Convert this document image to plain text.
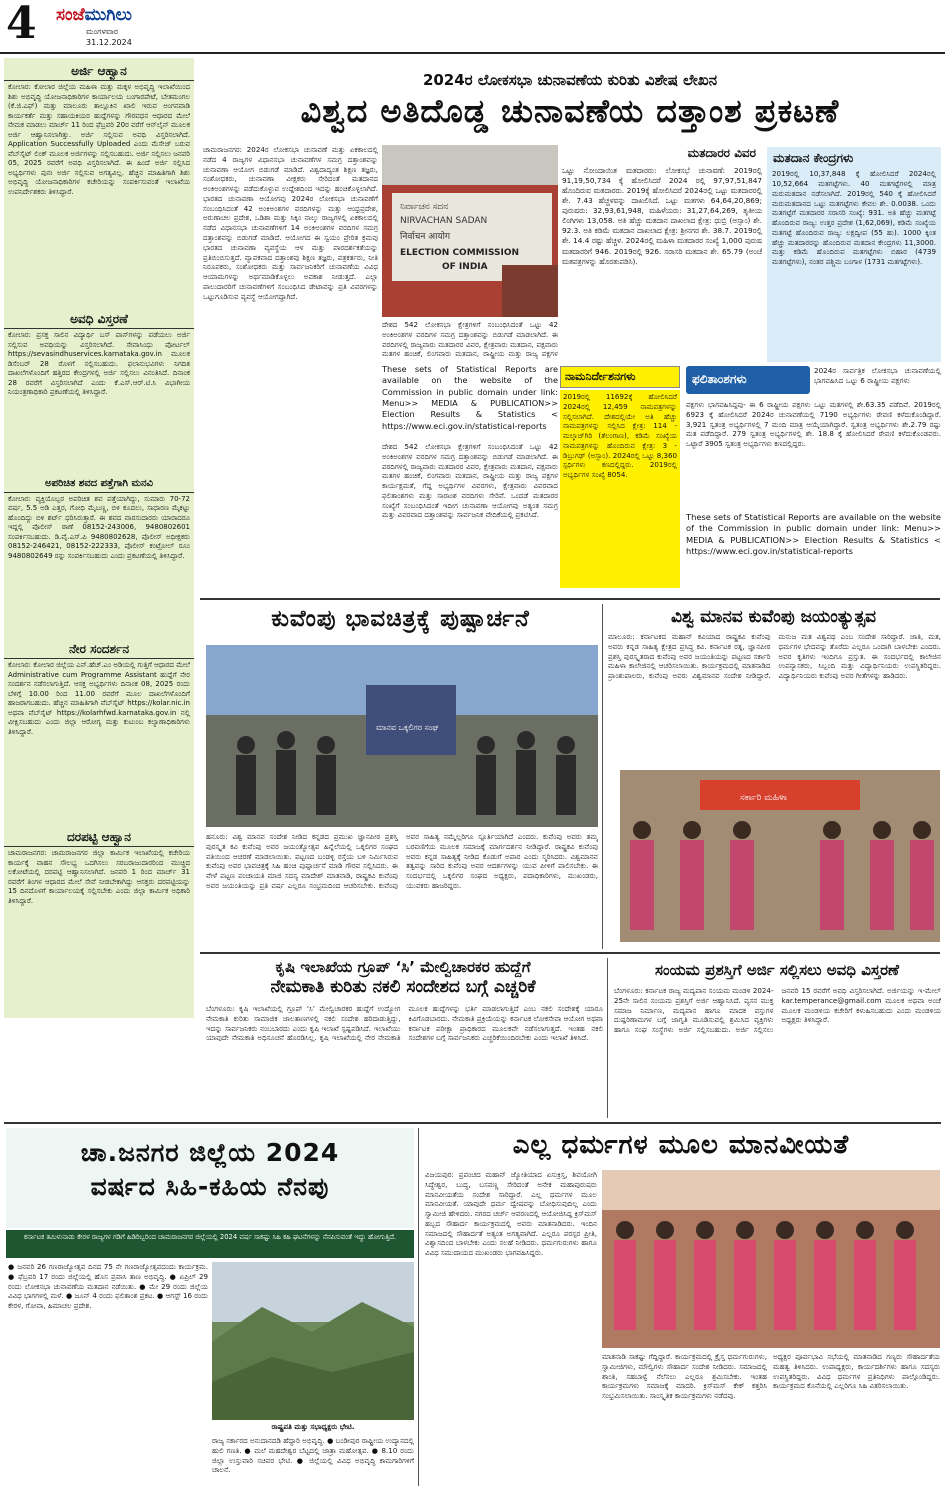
4 ಸಂಜೆಮುಗಿಲು
ಮಂಗಳವಾರ
31.12.2024
ಅರ್ಜಿ ಆಹ್ವಾನ
ಕೋಲಾರ: ಕೋಲಾರ ಜಿಲ್ಲೆಯ ಮಹಿಳಾ ಮತ್ತು ಮಕ್ಕಳ ಅಭಿವೃದ್ಧಿ ಇಲಾಖೆಯಿಂದ ಶಿಶು ಅಭಿವೃದ್ಧಿ ಯೋಜನಾಧಿಕಾರಿಗಳ ಕಾರ್ಯಾಲಯ ಬಂಗಾರಪೇಟೆ, ಬೇತಮಂಗಲ (ಕೆ.ಜಿ.ಎಫ್) ಮತ್ತು ಮಾಲೂರು ತಾಲ್ಲೂಕಿನ ಖಾಲಿ ಇರುವ ಅಂಗನವಾಡಿ ಕಾರ್ಯಕರ್ತೆ ಮತ್ತು ಸಹಾಯಕಿಯರ ಹುದ್ದೆಗಳನ್ನು ಗೌರವಧನ ಆಧಾರದ ಮೇಲೆ ನೇಮಕ ಮಾಡಲು ಮಾರ್ಚ್ 11 ರಿಂದ ಫೆಬ್ರವರಿ 20ರ ವರೆಗೆ ಆನ್‌ಲೈನ್ ಮೂಲಕ ಅರ್ಜಿ ಆಹ್ವಾನಿಸಲಾಗಿತ್ತು. ಅರ್ಜಿ ಸಲ್ಲಿಸುವ ಅವಧಿ ವಿಸ್ತರಿಸಲಾಗಿದೆ. Application Successfully Uploaded ಎಂದು ಮೆಸೇಜ್ ಬರುವ ವೆಬ್‌ಸೈಟ್ ಲಿಂಕ್ ಮೂಲಕ ಅರ್ಜಿಗಳನ್ನು ಸಲ್ಲಿಸಬಹುದು. ಅರ್ಜಿ ಸಲ್ಲಿಸಲು ಜನವರಿ 05, 2025 ರವರೆಗೆ ಅವಧಿ ವಿಸ್ತರಿಸಲಾಗಿದೆ. ಈ ಹಿಂದೆ ಅರ್ಜಿ ಸಲ್ಲಿಸಿದ ಅಭ್ಯರ್ಥಿಗಳು ಪುನಃ ಅರ್ಜಿ ಸಲ್ಲಿಸುವ ಅಗತ್ಯವಿಲ್ಲ. ಹೆಚ್ಚಿನ ಮಾಹಿತಿಗಾಗಿ ಶಿಶು ಅಭಿವೃದ್ಧಿ ಯೋಜನಾಧಿಕಾರಿಗಳ ಕಚೇರಿಯನ್ನು ಸಂಪರ್ಕಿಸುವಂತೆ ಇಲಾಖೆಯ ಉಪನಿರ್ದೇಶಕರು ತಿಳಿಸಿದ್ದಾರೆ.
ಅವಧಿ ವಿಸ್ತರಣೆ
ಕೋಲಾರ: ಪ್ರಸಕ್ತ ಸಾಲಿನ ವಿದ್ಯಾರ್ಥಿ ಬಸ್ ಪಾಸ್‌ಗಳನ್ನು ಪಡೆಯಲು ಅರ್ಜಿ ಸಲ್ಲಿಸುವ ಅವಧಿಯನ್ನು ವಿಸ್ತರಿಸಲಾಗಿದೆ. ಸೇವಾಸಿಂಧು ಪೋರ್ಟಲ್ https://sevasindhuservices.karnataka.gov.in ಮೂಲಕ ಡಿಸೆಂಬರ್ 28 ರೊಳಗೆ ಸಲ್ಲಿಸಬಹುದು. ಫಲಾನುಭವಿಗಳು ನಿಗದಿತ ದಾಖಲೆಗಳೊಂದಿಗೆ ಹತ್ತಿರದ ಕೇಂದ್ರಗಳಲ್ಲಿ ಅರ್ಜಿ ಸಲ್ಲಿಸಲು ವಿನಂತಿಸಿದೆ. ದಿನಾಂಕ 28 ರವರೆಗೆ ವಿಸ್ತರಿಸಲಾಗಿದೆ ಎಂದು ಕೆ.ಎಸ್.ಆರ್.ಟಿ.ಸಿ ವಿಭಾಗೀಯ ನಿಯಂತ್ರಣಾಧಿಕಾರಿ ಪ್ರಕಟಣೆಯಲ್ಲಿ ತಿಳಿಸಿದ್ದಾರೆ.
ಅಪರಿಚಿತ ಶವದ ಪತ್ತೆಗಾಗಿ ಮನವಿ
ಕೋಲಾರ: ವ್ಯಕ್ತಿಯೊಬ್ಬರ ಅಪರಿಚಿತ ಶವ ಪತ್ತೆಯಾಗಿದ್ದು, ಸುಮಾರು 70-72 ವರ್ಷ, 5.5 ಅಡಿ ಎತ್ತರ, ಗೋಧಿ ಮೈಬಣ್ಣ, ಬಿಳಿ ಕೂದಲು, ಸಾಧಾರಣ ಮೈಕಟ್ಟು ಹೊಂದಿದ್ದು ಬಿಳಿ ಶರ್ಟ್ ಧರಿಸಿರುತ್ತಾರೆ. ಈ ಶವದ ವಾರಸುದಾರರು ಯಾರಾದರೂ ಇದ್ದಲ್ಲಿ ಪೊಲೀಸ್ ಠಾಣೆ 08152-243006, 9480802601 ಸಂಪರ್ಕಿಸಬಹುದು. ಡಿ.ವೈ.ಎಸ್.ಪಿ 9480802628, ಪೊಲೀಸ್ ಅಧೀಕ್ಷಕರು 08152-246421, 08152-222333, ಪೊಲೀಸ್ ಕಂಟ್ರೋಲ್ ರೂಂ 9480802649 ರನ್ನು ಸಂಪರ್ಕಿಸಬಹುದು ಎಂದು ಪ್ರಕಟಣೆಯಲ್ಲಿ ತಿಳಿಸಿದ್ದಾರೆ.
ನೇರ ಸಂದರ್ಶನ
ಕೋಲಾರ: ಕೋಲಾರ ಜಿಲ್ಲೆಯ ಎನ್.ಹೆಚ್.ಎಂ ಅಡಿಯಲ್ಲಿ ಗುತ್ತಿಗೆ ಆಧಾರದ ಮೇಲೆ Administrative cum Programme Assistant ಹುದ್ದೆಗೆ ನೇರ ಸಂದರ್ಶನ ನಡೆಸಲಾಗುತ್ತಿದೆ. ಆಸಕ್ತ ಅಭ್ಯರ್ಥಿಗಳು ದಿನಾಂಕ 08, 2025 ರಂದು ಬೆಳಿಗ್ಗೆ 10.00 ರಿಂದ 11.00 ರವರೆಗೆ ಮೂಲ ದಾಖಲೆಗಳೊಂದಿಗೆ ಹಾಜರಾಗಬಹುದು. ಹೆಚ್ಚಿನ ಮಾಹಿತಿಗಾಗಿ ವೆಬ್‌ಸೈಟ್ https://kolar.nic.in ಅಥವಾ ವೆಬ್‌ಸೈಟ್ https://kolarhfwd.karnataka.gov.in ನಲ್ಲಿ ವೀಕ್ಷಿಸಬಹುದು ಎಂದು ಜಿಲ್ಲಾ ಆರೋಗ್ಯ ಮತ್ತು ಕುಟುಂಬ ಕಲ್ಯಾಣಾಧಿಕಾರಿಗಳು ತಿಳಿಸಿದ್ದಾರೆ.
ದರಪಟ್ಟಿ ಆಹ್ವಾನ
ಚಾಮರಾಜನಗರ: ಚಾಮರಾಜನಗರ ಜಿಲ್ಲಾ ಕಾರ್ಮಿಕ ಇಲಾಖೆಯಲ್ಲಿ ಕಚೇರಿಯ ಕಾರ್ಯಕ್ಕೆ ವಾಹನ ಸೌಲಭ್ಯ ಒದಗಿಸಲು ಸರಬರಾಜುದಾರರಿಂದ ಮುಚ್ಚಿದ ಲಕೋಟೆಯಲ್ಲಿ ದರಪಟ್ಟಿ ಆಹ್ವಾನಿಸಲಾಗಿದೆ. ಜನವರಿ 1 ರಿಂದ ಮಾರ್ಚ್ 31 ರವರೆಗೆ ತಿಂಗಳ ಆಧಾರದ ಮೇಲೆ ಸೇವೆ ನೀಡಬೇಕಾಗಿದ್ದು ಆಸಕ್ತರು ದರಪಟ್ಟಿಯನ್ನು 15 ದಿನದೊಳಗೆ ಕಾರ್ಯಾಲಯಕ್ಕೆ ಸಲ್ಲಿಸಬೇಕು ಎಂದು ಜಿಲ್ಲಾ ಕಾರ್ಮಿಕ ಅಧಿಕಾರಿ ತಿಳಿಸಿದ್ದಾರೆ.
2024ರ ಲೋಕಸಭಾ ಚುನಾವಣೆಯ ಕುರಿತು ವಿಶೇಷ ಲೇಖನ
ವಿಶ್ವದ ಅತಿದೊಡ್ಡ ಚುನಾವಣೆಯ ದತ್ತಾಂಶ ಪ್ರಕಟಣೆ
ಚಾಮರಾಜನಗರ: 2024ರ ಲೋಕಸಭಾ ಚುನಾವಣೆ ಮತ್ತು ಏಕಕಾಲದಲ್ಲಿ ನಡೆದ 4 ರಾಜ್ಯಗಳ ವಿಧಾನಸಭಾ ಚುನಾವಣೆಗಳ ಸಮಗ್ರ ದತ್ತಾಂಶವನ್ನು ಚುನಾವಣಾ ಆಯೋಗ ಬಿಡುಗಡೆ ಮಾಡಿದೆ. ವಿಶ್ವದಾದ್ಯಂತ ಶಿಕ್ಷಣ ತಜ್ಞರು, ಸಂಶೋಧಕರು, ಚುನಾವಣಾ ವೀಕ್ಷಕರು ಸೇರಿದಂತೆ ಮತದಾನದ ಅಂಕಿಅಂಶಗಳನ್ನು ಪಡೆದುಕೊಳ್ಳುವ ಉದ್ದೇಶದಿಂದ ಇದನ್ನು ಹಂಚಿಕೊಳ್ಳಲಾಗಿದೆ. ಭಾರತದ ಚುನಾವಣಾ ಆಯೋಗವು 2024ರ ಲೋಕಸಭಾ ಚುನಾವಣೆಗೆ ಸಂಬಂಧಿಸಿದಂತೆ 42 ಅಂಕಿಅಂಶಗಳ ವರದಿಗಳನ್ನು ಮತ್ತು ಆಂಧ್ರಪ್ರದೇಶ, ಅರುಣಾಚಲ ಪ್ರದೇಶ, ಒಡಿಶಾ ಮತ್ತು ಸಿಕ್ಕಿಂ ನಾಲ್ಕು ರಾಜ್ಯಗಳಲ್ಲಿ ಏಕಕಾಲದಲ್ಲಿ ನಡೆದ ವಿಧಾನಸಭಾ ಚುನಾವಣೆಗಳಿಗೆ 14 ಅಂಕಿಅಂಶಗಳ ವರದಿಗಳ ಸಮಗ್ರ ದತ್ತಾಂಶವನ್ನು ಬಿಡುಗಡೆ ಮಾಡಿದೆ. ಆಯೋಗದ ಈ ಸ್ವಯಂ ಪ್ರೇರಿತ ಕ್ರಮವು ಭಾರತದ ಚುನಾವಣಾ ವ್ಯವಸ್ಥೆಯ ಆಳ ಮತ್ತು ಪಾರದರ್ಶಕತೆಯನ್ನು ಪ್ರತಿಬಿಂಬಿಸುತ್ತದೆ. ವ್ಯಾಪಕವಾದ ದತ್ತಾಂಶವು ಶಿಕ್ಷಣ ತಜ್ಞರು, ಪತ್ರಕರ್ತರು, ನೀತಿ ನಿರೂಪಕರು, ಸಂಶೋಧಕರು ಮತ್ತು ಸಾರ್ವಜನಿಕರಿಗೆ ಚುನಾವಣೆಯ ವಿವಿಧ ಆಯಾಮಗಳನ್ನು ಅರ್ಥಮಾಡಿಕೊಳ್ಳಲು ಅವಕಾಶ ನೀಡುತ್ತದೆ. ಎಲ್ಲಾ ಪಾಲುದಾರರಿಗೆ ಚುನಾವಣೆಗಳಿಗೆ ಸಂಬಂಧಿಸಿದ ಡೇಟಾವನ್ನು ಪ್ರತಿ ವಿವರಗಳನ್ನು ಒಟ್ಟುಗೂಡಿಸುವ ವ್ಯವಸ್ಥೆ ಆಯೋಗದ್ದಾಗಿದೆ.
ನಿರ್ವಾಚನ ಸದನ
NIRVACHAN SADAN
निर्वाचन आयोग
ELECTION COMMISSION
OF INDIA
ದೇಶದ 542 ಲೋಕಸಭಾ ಕ್ಷೇತ್ರಗಳಿಗೆ ಸಂಬಂಧಿಸಿದಂತೆ ಒಟ್ಟು 42 ಅಂಕಿಅಂಶಗಳ ವರದಿಗಳ ಸಮಗ್ರ ದತ್ತಾಂಶವನ್ನು ಬಿಡುಗಡೆ ಮಾಡಲಾಗಿದೆ. ಈ ವರದಿಗಳಲ್ಲಿ ರಾಜ್ಯವಾರು ಮತದಾರರ ವಿವರ, ಕ್ಷೇತ್ರವಾರು ಮತದಾನ, ಪಕ್ಷವಾರು ಮತಗಳ ಹಂಚಿಕೆ, ಲಿಂಗವಾರು ಮತದಾನ, ರಾಷ್ಟ್ರೀಯ ಮತ್ತು ರಾಜ್ಯ ಪಕ್ಷಗಳ
These sets of Statistical Reports are available on the website of the Commission in public domain under link: Menu>> MEDIA & PUBLICATION>> Election Results & Statistics < https://www.eci.gov.in/statistical-reports
ದೇಶದ 542 ಲೋಕಸಭಾ ಕ್ಷೇತ್ರಗಳಿಗೆ ಸಂಬಂಧಿಸಿದಂತೆ ಒಟ್ಟು 42 ಅಂಕಿಅಂಶಗಳ ವರದಿಗಳ ಸಮಗ್ರ ದತ್ತಾಂಶವನ್ನು ಬಿಡುಗಡೆ ಮಾಡಲಾಗಿದೆ. ಈ ವರದಿಗಳಲ್ಲಿ ರಾಜ್ಯವಾರು ಮತದಾರರ ವಿವರ, ಕ್ಷೇತ್ರವಾರು ಮತದಾನ, ಪಕ್ಷವಾರು ಮತಗಳ ಹಂಚಿಕೆ, ಲಿಂಗವಾರು ಮತದಾನ, ರಾಷ್ಟ್ರೀಯ ಮತ್ತು ರಾಜ್ಯ ಪಕ್ಷಗಳ ಕಾರ್ಯಕ್ಷಮತೆ, ಗೆದ್ದ ಅಭ್ಯರ್ಥಿಗಳ ವಿವರಗಳು, ಕ್ಷೇತ್ರವಾರು ವಿವರವಾದ ಫಲಿತಾಂಶಗಳು ಮತ್ತು ಸಾರಾಂಶ ವರದಿಗಳು ಸೇರಿವೆ. ಒಂದಡೆ ಮತದಾರರ ಸಂಖ್ಯೆಗೆ ಸಂಬಂಧಿಸಿದಂತೆ ಇದೀಗ ಚುನಾವಣಾ ಆಯೋಗವು ಅತ್ಯಂತ ಸಮಗ್ರ ಮತ್ತು ವಿವರವಾದ ದತ್ತಾಂಶವನ್ನು ಸಾರ್ವಜನಿಕ ವೇದಿಕೆಯಲ್ಲಿ ಪ್ರಕಟಿಸಿದೆ.
ಮತದಾರರ ವಿವರ
ಒಟ್ಟು ನೋಂದಾಯಿತ ಮತದಾರರು: ಲೋಕಸಭೆ ಚುನಾವಣೆ: 2019ರಲ್ಲಿ 91,19,50,734 ಕ್ಕೆ ಹೋಲಿಸಿದರೆ 2024 ರಲ್ಲಿ 97,97,51,847 ಹೊಂದಿರುವ ಮತದಾರರು. 2019ಕ್ಕೆ ಹೋಲಿಸಿದರೆ 2024ರಲ್ಲಿ ಒಟ್ಟು ಮತದಾರರಲ್ಲಿ ಶೇ. 7.43 ಹೆಚ್ಚಳವನ್ನು ದಾಖಲಿಸಿದೆ. ಒಟ್ಟು ಮತಗಳು 64,64,20,869; ಪುರುಷರು: 32,93,61,948, ಮಹಿಳೆಯರು: 31,27,64,269, ತೃತೀಯ ಲಿಂಗಿಗಳು 13,058. ಅತಿ ಹೆಚ್ಚು ಮತದಾನ ದಾಖಲಾದ ಕ್ಷೇತ್ರ: ಧುಬ್ರಿ (ಅಸ್ಸಾಂ) ಶೇ. 92.3. ಅತಿ ಕಡಿಮೆ ಮತದಾನ ದಾಖಲಾದ ಕ್ಷೇತ್ರ: ಶ್ರೀನಗರ ಶೇ. 38.7. 2019ರಲ್ಲಿ ಶೇ. 14.4 ರಷ್ಟು ಹೆಚ್ಚಳ. 2024ರಲ್ಲಿ ಮಹಿಳಾ ಮತದಾರರ ಸಂಖ್ಯೆ 1,000 ಪುರುಷ ಮತದಾರರಿಗೆ 946. 2019ರಲ್ಲಿ 926. ಸರಾಸರಿ ಮತದಾನ ಶೇ. 65.79 (ಅಂಚೆ ಮತಪತ್ರಗಳನ್ನು ಹೊರತುಪಡಿಸಿ).
ಮತದಾನ ಕೇಂದ್ರಗಳು
2019ರಲ್ಲಿ 10,37,848 ಕ್ಕೆ ಹೋಲಿಸಿದರೆ 2024ರಲ್ಲಿ 10,52,664 ಮತಗಟ್ಟೆಗಳು. 40 ಮತಗಟ್ಟೆಗಳಲ್ಲಿ ಮಾತ್ರ ಮರುಮತದಾನ ನಡೆಸಲಾಗಿದೆ. 2019ರಲ್ಲಿ 540 ಕ್ಕೆ ಹೋಲಿಸಿದರೆ ಮರುಮತದಾನದ ಒಟ್ಟು ಮತಗಟ್ಟೆಗಳು ಕೇವಲ ಶೇ. 0.0038. ಒಂದು ಮತಗಟ್ಟೆಗೆ ಮತದಾರರ ಸರಾಸರಿ ಸಂಖ್ಯೆ: 931. ಅತಿ ಹೆಚ್ಚು ಮತಗಟ್ಟೆ ಹೊಂದಿರುವ ರಾಜ್ಯ: ಉತ್ತರ ಪ್ರದೇಶ (1,62,069), ಕಡಿಮೆ ಸಂಖ್ಯೆಯ ಮತಗಟ್ಟೆ ಹೊಂದಿರುವ ರಾಜ್ಯ: ಲಕ್ಷದ್ವೀಪ (55 ಹು). 1000 ಕ್ಕಿಂತ ಹೆಚ್ಚು ಮತದಾರರನ್ನು ಹೊಂದಿರುವ ಮತದಾನ ಕೇಂದ್ರಗಳು 11,3000. ಮತ್ತು ಕಡಿಮೆ ಹೊಂದಿರುವ ಮತಗಟ್ಟೆಗಳು ಬಿಹಾರ (4739 ಮತಗಟ್ಟೆಗಳು), ನಂತರ ಪಶ್ಚಿಮ ಬಂಗಾಳ (1731 ಮತಗಟ್ಟೆಗಳು).
ನಾಮನಿರ್ದೇಶನಗಳು
2019ರಲ್ಲಿ 11692ಕ್ಕೆ ಹೋಲಿಸಿದರೆ 2024ರಲ್ಲಿ 12,459 ನಾಮಪತ್ರಗಳನ್ನು ಸಲ್ಲಿಸಲಾಗಿದೆ. ದೇಶದಲ್ಲಿಯೇ ಅತಿ ಹೆಚ್ಚು ನಾಮಪತ್ರಗಳನ್ನು ಸಲ್ಲಿಸಿದ ಕ್ಷೇತ್ರ: 114 - ಮಲ್ಕಾಜ್‌ಗಿರಿ (ತೆಲಂಗಾಣ), ಕಡಿಮೆ ಸಂಖ್ಯೆಯ ನಾಮಪತ್ರಗಳನ್ನು ಹೊಂದಿರುವ ಕ್ಷೇತ್ರ: 3 - ಡಿಬ್ರುಗಢ್ (ಅಸ್ಸಾಂ). 2024ರಲ್ಲಿ ಒಟ್ಟು 8,360 ಸ್ಪರ್ಧಿಗಳು ಕಣದಲ್ಲಿದ್ದರು. 2019ರಲ್ಲಿ ಅಭ್ಯರ್ಥಿಗಳ ಸಂಖ್ಯೆ 8054.
ಫಲಿತಾಂಶಗಳು
2024ರ ಸಾರ್ವತ್ರಿಕ ಲೋಕಸಭಾ ಚುನಾವಣೆಯಲ್ಲಿ ಭಾಗವಹಿಸಿದ ಒಟ್ಟು 6 ರಾಷ್ಟ್ರೀಯ ಪಕ್ಷಗಳು
ಪಕ್ಷಗಳು ಭಾಗವಹಿಸಿದ್ದವು- ಈ 6 ರಾಷ್ಟ್ರೀಯ ಪಕ್ಷಗಳು ಒಟ್ಟು ಮತಗಳಲ್ಲಿ ಶೇ.63.35 ಪಡೆದಿವೆ. 2019ರಲ್ಲಿ 6923 ಕ್ಕೆ ಹೋಲಿಸಿದರೆ 2024ರ ಚುನಾವಣೆಯಲ್ಲಿ 7190 ಅಭ್ಯರ್ಥಿಗಳು ಠೇವಣಿ ಕಳೆದುಕೊಂಡಿದ್ದಾರೆ. 3,921 ಸ್ವತಂತ್ರ ಅಭ್ಯರ್ಥಿಗಳಲ್ಲಿ 7 ಮಂದಿ ಮಾತ್ರ ಆಯ್ಕೆಯಾಗಿದ್ದಾರೆ. ಸ್ವತಂತ್ರ ಅಭ್ಯರ್ಥಿಗಳು ಶೇ.2.79 ರಷ್ಟು ಮತ ಪಡೆದಿದ್ದಾರೆ. 279 ಸ್ವತಂತ್ರ ಅಭ್ಯರ್ಥಿಗಳಲ್ಲಿ ಶೇ. 18.8 ಕ್ಕೆ ಹೋಲಿಸಿದರೆ ಠೇವಣಿ ಕಳೆದುಕೊಂಡವರು. ಒಟ್ಟಾರೆ 3905 ಸ್ವತಂತ್ರ ಅಭ್ಯರ್ಥಿಗಳು ಕಣದಲ್ಲಿದ್ದರು.
These sets of Statistical Reports are available on the website of the Commission in public domain under link: Menu>> MEDIA & PUBLICATION>> Election Results & Statistics < https://www.eci.gov.in/statistical-reports
ಕುವೆಂಪು ಭಾವಚಿತ್ರಕ್ಕೆ ಪುಷ್ಪಾರ್ಚನೆ
ಮಾನವ ಒಕ್ಕಲಿಗರ ಸಂಘ
ಹನೂರು: ವಿಶ್ವ ಮಾನವ ಸಂದೇಶ ನೀಡಿದ ಕನ್ನಡದ ಪ್ರಮುಖ ಜ್ಞಾನಪೀಠ ಪ್ರಶಸ್ತಿ ಪುರಸ್ಕೃತ ಕವಿ ಕುವೆಂಪು ಅವರ ಜಯಂತ್ಯೋತ್ಸವ ಹಿನ್ನೆಲೆಯಲ್ಲಿ ಒಕ್ಕಲಿಗರ ಸಂಘದ ವತಿಯಿಂದ ಆಚರಣೆ ಮಾಡಲಾಯಿತು. ಪಟ್ಟಣದ ಬಂಡಳ್ಳಿ ರಸ್ತೆಯ ಬಳಿ ನಿರ್ಮಿಸಿರುವ ಕುವೆಂಪು ಅವರ ಭಾವಚಿತ್ರಕ್ಕೆ ಸಿಹಿ ಹಂಚಿ ಪುಷ್ಪಾರ್ಚನೆ ಮಾಡಿ ಗೌರವ ಸಲ್ಲಿಸಿದರು. ಈ ವೇಳೆ ಪಟ್ಟಣ ಪಂಚಾಯತಿ ಮಾಜಿ ಸದಸ್ಯ ಮಾದೇಶ್ ಮಾತನಾಡಿ, ರಾಷ್ಟ್ರಕವಿ ಕುವೆಂಪು ಅವರ ಜಯಂತಿಯನ್ನು ಪ್ರತಿ ವರ್ಷ ಎಲ್ಲರೂ ಸಂಭ್ರಮದಿಂದ ಆಚರಿಸಬೇಕು. ಕುವೆಂಪು ಅವರ ಸಾಹಿತ್ಯ ನಮ್ಮೆಲ್ಲರಿಗೂ ಸ್ಪೂರ್ತಿಯಾಗಿದೆ ಎಂದರು. ಕುವೆಂಪು ಅವರು ತಮ್ಮ ಬರವಣಿಗೆಯ ಮೂಲಕ ಸಮಾಜಕ್ಕೆ ಮಾರ್ಗದರ್ಶನ ನೀಡಿದ್ದಾರೆ. ರಾಷ್ಟ್ರಕವಿ ಕುವೆಂಪು ಅವರು ಕನ್ನಡ ಸಾಹಿತ್ಯಕ್ಕೆ ನೀಡಿದ ಕೊಡುಗೆ ಅಪಾರ ಎಂದು ಸ್ಮರಿಸಿದರು. ವಿಶ್ವಮಾನವ ತತ್ವವನ್ನು ಸಾರಿದ ಕುವೆಂಪು ಅವರ ಆದರ್ಶಗಳನ್ನು ಯುವ ಪೀಳಿಗೆ ಪಾಲಿಸಬೇಕು. ಈ ಸಂದರ್ಭದಲ್ಲಿ ಒಕ್ಕಲಿಗರ ಸಂಘದ ಅಧ್ಯಕ್ಷರು, ಪದಾಧಿಕಾರಿಗಳು, ಮುಖಂಡರು, ಯುವಕರು ಹಾಜರಿದ್ದರು.
ವಿಶ್ವ ಮಾನವ ಕುವೆಂಪು ಜಯಂತ್ಯುತ್ಸವ
ಮಾಲೂರು: ಕರ್ನಾಟಕದ ಮಹಾನ್ ಕವಿಯಾದ ರಾಷ್ಟ್ರಕವಿ ಕುವೆಂಪು ಅವರು ಕನ್ನಡ ಸಾಹಿತ್ಯ ಕ್ಷೇತ್ರದ ಪ್ರಸಿದ್ಧ ಕವಿ. ಕರ್ನಾಟಕ ರತ್ನ, ಜ್ಞಾನಪೀಠ ಪ್ರಶಸ್ತಿ ಪುರಸ್ಕೃತರಾದ ಕುವೆಂಪು ಅವರ ಜಯಂತಿಯನ್ನು ಪಟ್ಟಣದ ಸರ್ಕಾರಿ ಮಹಿಳಾ ಕಾಲೇಜಿನಲ್ಲಿ ಆಚರಿಸಲಾಯಿತು. ಕಾರ್ಯಕ್ರಮದಲ್ಲಿ ಮಾತನಾಡಿದ ಪ್ರಾಂಶುಪಾಲರು, ಕುವೆಂಪು ಅವರು ವಿಶ್ವಮಾನವ ಸಂದೇಶ ನೀಡಿದ್ದಾರೆ. ಮನುಜ ಮತ ವಿಶ್ವಪಥ ಎಂಬ ಸಂದೇಶ ಸಾರಿದ್ದಾರೆ. ಜಾತಿ, ಮತ, ಧರ್ಮಗಳ ಭೇದವನ್ನು ತೊರೆದು ಎಲ್ಲರೂ ಒಂದಾಗಿ ಬಾಳಬೇಕು ಎಂದರು. ಅವರ ಕೃತಿಗಳು ಇಂದಿಗೂ ಪ್ರಸ್ತುತ. ಈ ಸಂದರ್ಭದಲ್ಲಿ ಕಾಲೇಜಿನ ಉಪನ್ಯಾಸಕರು, ಸಿಬ್ಬಂದಿ ಮತ್ತು ವಿದ್ಯಾರ್ಥಿನಿಯರು ಉಪಸ್ಥಿತರಿದ್ದರು. ವಿದ್ಯಾರ್ಥಿನಿಯರು ಕುವೆಂಪು ಅವರ ಗೀತೆಗಳನ್ನು ಹಾಡಿದರು.
ಸರ್ಕಾರಿ ಮಹಿಳಾ
ಕೃಷಿ ಇಲಾಖೆಯ ಗ್ರೂಪ್ ‘ಸಿ’ ಮೇಲ್ವಿಚಾರಕರ ಹುದ್ದೆಗೆ
ನೇಮಕಾತಿ ಕುರಿತು ನಕಲಿ ಸಂದೇಶದ ಬಗ್ಗೆ ಎಚ್ಚರಿಕೆ
ಬೆಂಗಳೂರು: ಕೃಷಿ ಇಲಾಖೆಯಲ್ಲಿ ಗ್ರೂಪ್ ‘ಸಿ’ ಮೇಲ್ವಿಚಾರಕರ ಹುದ್ದೆಗೆ ಉದ್ಯೋಗ ನೇಮಕಾತಿ ಕುರಿತು ಸಾಮಾಜಿಕ ಜಾಲತಾಣಗಳಲ್ಲಿ ನಕಲಿ ಸಂದೇಶ ಹರಿದಾಡುತ್ತಿದ್ದು, ಇದನ್ನು ಸಾರ್ವಜನಿಕರು ನಂಬಬಾರದು ಎಂದು ಕೃಷಿ ಇಲಾಖೆ ಸ್ಪಷ್ಟಪಡಿಸಿದೆ. ಇಲಾಖೆಯು ಯಾವುದೇ ನೇಮಕಾತಿ ಅಧಿಸೂಚನೆ ಹೊರಡಿಸಿಲ್ಲ. ಕೃಷಿ ಇಲಾಖೆಯಲ್ಲಿ ನೇರ ನೇಮಕಾತಿ ಮೂಲಕ ಹುದ್ದೆಗಳನ್ನು ಭರ್ತಿ ಮಾಡಲಾಗುತ್ತಿದೆ ಎಂಬ ನಕಲಿ ಸಂದೇಶಕ್ಕೆ ಯಾರೂ ಕಿವಿಗೊಡಬಾರದು. ನೇಮಕಾತಿ ಪ್ರಕ್ರಿಯೆಯನ್ನು ಕರ್ನಾಟಕ ಲೋಕಸೇವಾ ಆಯೋಗ ಅಥವಾ ಕರ್ನಾಟಕ ಪರೀಕ್ಷಾ ಪ್ರಾಧಿಕಾರದ ಮೂಲಕವೇ ನಡೆಸಲಾಗುತ್ತದೆ. ಇಂತಹ ನಕಲಿ ಸಂದೇಶಗಳ ಬಗ್ಗೆ ಸಾರ್ವಜನಿಕರು ಎಚ್ಚರಿಕೆಯಿಂದಿರಬೇಕು ಎಂದು ಇಲಾಖೆ ತಿಳಿಸಿದೆ.
ಸಂಯಮ ಪ್ರಶಸ್ತಿಗೆ ಅರ್ಜಿ ಸಲ್ಲಿಸಲು ಅವಧಿ ವಿಸ್ತರಣೆ
ಬೆಂಗಳೂರು: ಕರ್ನಾಟಕ ರಾಜ್ಯ ಮದ್ಯಪಾನ ಸಂಯಮ ಮಂಡಳಿ 2024-25ನೇ ಸಾಲಿನ ಸಂಯಮ ಪ್ರಶಸ್ತಿಗೆ ಅರ್ಜಿ ಆಹ್ವಾನಿಸಿದೆ. ವ್ಯಸನ ಮುಕ್ತ ಸಮಾಜ ನಿರ್ಮಾಣ, ಮದ್ಯಪಾನ ಹಾಗೂ ಮಾದಕ ವಸ್ತುಗಳ ದುಷ್ಪರಿಣಾಮಗಳ ಬಗ್ಗೆ ಜಾಗೃತಿ ಮೂಡಿಸುವಲ್ಲಿ ಶ್ರಮಿಸಿದ ವ್ಯಕ್ತಿಗಳು ಹಾಗೂ ಸಂಘ ಸಂಸ್ಥೆಗಳು ಅರ್ಜಿ ಸಲ್ಲಿಸಬಹುದು. ಅರ್ಜಿ ಸಲ್ಲಿಸಲು ಜನವರಿ 15 ರವರೆಗೆ ಅವಧಿ ವಿಸ್ತರಿಸಲಾಗಿದೆ. ಅರ್ಜಿಯನ್ನು ಇ-ಮೇಲ್ kar.temperance@gmail.com ಮೂಲಕ ಅಥವಾ ಅಂಚೆ ಮೂಲಕ ಮಂಡಳಿಯ ಕಚೇರಿಗೆ ಕಳುಹಿಸಬಹುದು ಎಂದು ಮಂಡಳಿಯ ಅಧ್ಯಕ್ಷರು ತಿಳಿಸಿದ್ದಾರೆ.
ಚಾ.ಜನಗರ ಜಿಲ್ಲೆಯ 2024
ವರ್ಷದ ಸಿಹಿ-ಕಹಿಯ ನೆನಪು
ಕರ್ನಾಟಕ ತಮಿಳುನಾಡು ಕೇರಳ ರಾಜ್ಯಗಳ ಗಡಿಗೆ ಹಿಡಿರಿಬ್ಬರಿಂದ ಚಾಮರಾಜನಗರ ಜಿಲ್ಲೆಯಲ್ಲಿ 2024 ವರ್ಷ ಸಾಕಷ್ಟು ಸಿಹಿ ಕಹಿ ಘಟನೆಗಳನ್ನು ನೆನಪಿಸುವಂತೆ ಇದ್ದು ಹೋಗುತ್ತಿದೆ.
● ಜನವರಿ 26 ಗಣರಾಜ್ಯೋತ್ಸವ ದಿನದ 75 ನೇ ಗಣರಾಜ್ಯೋತ್ಸವದಂದು ಕಾರ್ಯಕ್ರಮ. ● ಫೆಬ್ರವರಿ 17 ರಂದು ಜಿಲ್ಲೆಯಲ್ಲಿ ಹೊಸ ಪ್ರವಾಸಿ ತಾಣ ಅಭಿವೃದ್ಧಿ. ● ಏಪ್ರಿಲ್ 29 ರಂದು ಲೋಕಸಭಾ ಚುನಾವಣೆಯ ಮತದಾನ ನಡೆಯಿತು. ● ಮೇ 29 ರಂದು ಜಿಲ್ಲೆಯ ವಿವಿಧ ಭಾಗಗಳಲ್ಲಿ ಮಳೆ. ● ಜೂನ್ 4 ರಂದು ಫಲಿತಾಂಶ ಪ್ರಕಟ. ● ಆಗಸ್ಟ್ 16 ರಂದು ಕೇರಳ, ಗೋವಾ, ಹಿಮಾಚಲ ಪ್ರದೇಶ.
ರಾಷ್ಟ್ರಪತಿ ಮತ್ತು ಸಭಾಧ್ಯಕ್ಷರು ಭೇಟಿ.
ರಾಜ್ಯ ಸರ್ಕಾರದ ಅನುದಾನದಡಿ ಹೆದ್ದಾರಿ ಅಭಿವೃದ್ಧಿ. ● ಬಂಡೀಪುರ ರಾಷ್ಟ್ರೀಯ ಉದ್ಯಾನದಲ್ಲಿ ಹುಲಿ ಗಣತಿ. ● ಮಲೆ ಮಹದೇಶ್ವರ ಬೆಟ್ಟದಲ್ಲಿ ಜಾತ್ರಾ ಮಹೋತ್ಸವ. ● 8.10 ರಂದು ಜಿಲ್ಲಾ ಉಸ್ತುವಾರಿ ಸಚಿವರ ಭೇಟಿ. ● ಜಿಲ್ಲೆಯಲ್ಲಿ ವಿವಿಧ ಅಭಿವೃದ್ಧಿ ಕಾಮಗಾರಿಗಳಿಗೆ ಚಾಲನೆ.
ಎಲ್ಲ ಧರ್ಮಗಳ ಮೂಲ ಮಾನವೀಯತೆ
ವಿಜಯಪುರ: ಪ್ರಪಂಚದ ಮಹಾನ್ ಜ್ಯೋತಿಯಾದ ಏಸುಕ್ರಿಸ್ತ, ಶಿವಯೋಗಿ ಸಿದ್ಧೇಶ್ವರ, ಬುದ್ಧ, ಬಸವಣ್ಣ ಸೇರಿದಂತೆ ಅನೇಕ ಮಹಾಪುರುಷರು ಮಾನವೀಯತೆಯ ಸಂದೇಶ ಸಾರಿದ್ದಾರೆ. ಎಲ್ಲ ಧರ್ಮಗಳ ಮೂಲ ಮಾನವೀಯತೆ. ಯಾವುದೇ ಧರ್ಮ ದ್ವೇಷವನ್ನು ಬೋಧಿಸುವುದಿಲ್ಲ ಎಂದು ಸ್ವಾಮೀಜಿ ಹೇಳಿದರು. ನಗರದ ಚರ್ಚ್ ಆವರಣದಲ್ಲಿ ಆಯೋಜಿಸಿದ್ದ ಕ್ರಿಸ್‌ಮಸ್ ಹಬ್ಬದ ಸೌಹಾರ್ದ ಕಾರ್ಯಕ್ರಮದಲ್ಲಿ ಅವರು ಮಾತನಾಡಿದರು. ಇಂದಿನ ಸಮಾಜದಲ್ಲಿ ಸೌಹಾರ್ದತೆ ಅತ್ಯಂತ ಅಗತ್ಯವಾಗಿದೆ. ಎಲ್ಲರೂ ಪರಸ್ಪರ ಪ್ರೀತಿ, ವಿಶ್ವಾಸದಿಂದ ಬಾಳಬೇಕು ಎಂದು ಸಲಹೆ ನೀಡಿದರು. ಧರ್ಮಗುರುಗಳು ಹಾಗೂ ವಿವಿಧ ಸಮುದಾಯದ ಮುಖಂಡರು ಭಾಗವಹಿಸಿದ್ದರು.
ಮಾತನಾಡಿ ಸಾಕಷ್ಟು ಗೆದ್ದಿದ್ದಾರೆ. ಕಾರ್ಯಕ್ರಮದಲ್ಲಿ ಕ್ರೈಸ್ತ ಧರ್ಮಗುರುಗಳು, ಸ್ವಾಮೀಜಿಗಳು, ಮೌಲ್ವಿಗಳು ಸೌಹಾರ್ದ ಸಂದೇಶ ನೀಡಿದರು. ಸಮಾಜದಲ್ಲಿ ಶಾಂತಿ, ಸಹಬಾಳ್ವೆ ನೆಲೆಸಲು ಎಲ್ಲರೂ ಶ್ರಮಿಸಬೇಕು. ಇಂತಹ ಕಾರ್ಯಕ್ರಮಗಳು ಸಮಾಜಕ್ಕೆ ಮಾದರಿ. ಕ್ರಿಸ್‌ಮಸ್ ಕೇಕ್ ಕತ್ತರಿಸಿ ಸಂಭ್ರಮಿಸಲಾಯಿತು. ಸಾಂಸ್ಕೃತಿಕ ಕಾರ್ಯಕ್ರಮಗಳು ನಡೆದವು.
ಅಧ್ಯಕ್ಷರ ಪೂರ್ವಭಾವಿ ಸಭೆಯಲ್ಲಿ ಮಾತನಾಡಿದ ಗಣ್ಯರು ಸೌಹಾರ್ದತೆಯ ಮಹತ್ವ ತಿಳಿಸಿದರು. ಉಪಾಧ್ಯಕ್ಷರು, ಕಾರ್ಯದರ್ಶಿಗಳು ಹಾಗೂ ಸದಸ್ಯರು ಉಪಸ್ಥಿತರಿದ್ದರು. ವಿವಿಧ ಧರ್ಮಗಳ ಪ್ರತಿನಿಧಿಗಳು ಪಾಲ್ಗೊಂಡಿದ್ದರು. ಕಾರ್ಯಕ್ರಮದ ಕೊನೆಯಲ್ಲಿ ಎಲ್ಲರಿಗೂ ಸಿಹಿ ವಿತರಿಸಲಾಯಿತು.
